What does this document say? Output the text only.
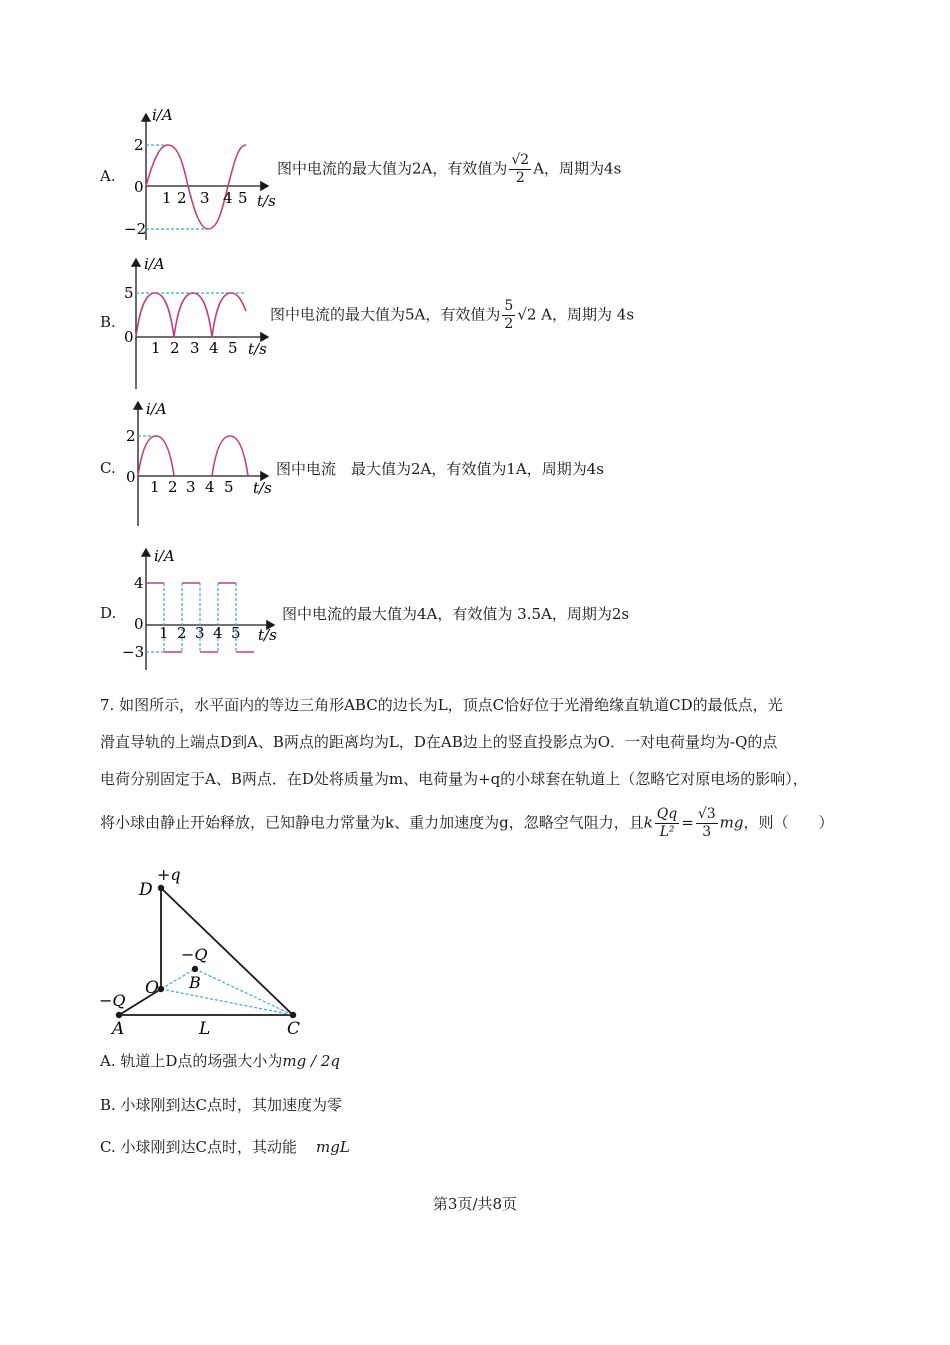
i/A
2
0
−2
1 2 3 4 5 t/s
A.	图中电流的最大值为2A，有效值为 $\frac{√2}{2}$ A，周期为4s
i/A
5
0
1 2 3 4 5 t/s
B.	图中电流的最大值为5A，有效值为 $\frac{5}{2} √2$ A，周期为 4s
i/A
2
0
1 2 3 4 5 t/s
C.	图中电流　最大值为2A，有效值为1A，周期为4s
i/A
4
0
−3
1 2 3 4 5 t/s
D.	图中电流的最大值为4A，有效值为 3.5A，周期为2s
7. 如图所示，水平面内的等边三角形ABC的边长为L，顶点C恰好位于光滑绝缘直轨道CD的最低点，光
滑直导轨的上端点D到A、B两点的距离均为L，D在AB边上的竖直投影点为O．一对电荷量均为-Q的点
电荷分别固定于A、B两点．在D处将质量为m、电荷量为+q的小球套在轨道上（忽略它对原电场的影响），
将小球由静止开始释放，已知静电力常量为k、重力加速度为g，忽略空气阻力，且k $\frac{Qq}{\text{L²}} = \frac{√3}{3}$ mg，则（　　）
D
+q
−Q
B
O
−Q
A	L	C
A. 轨道上D点的场强大小为mg / 2q
B. 小球刚到达C点时，其加速度为零
C. 小球刚到达C点时，其动能 mgL
第3页/共8页
